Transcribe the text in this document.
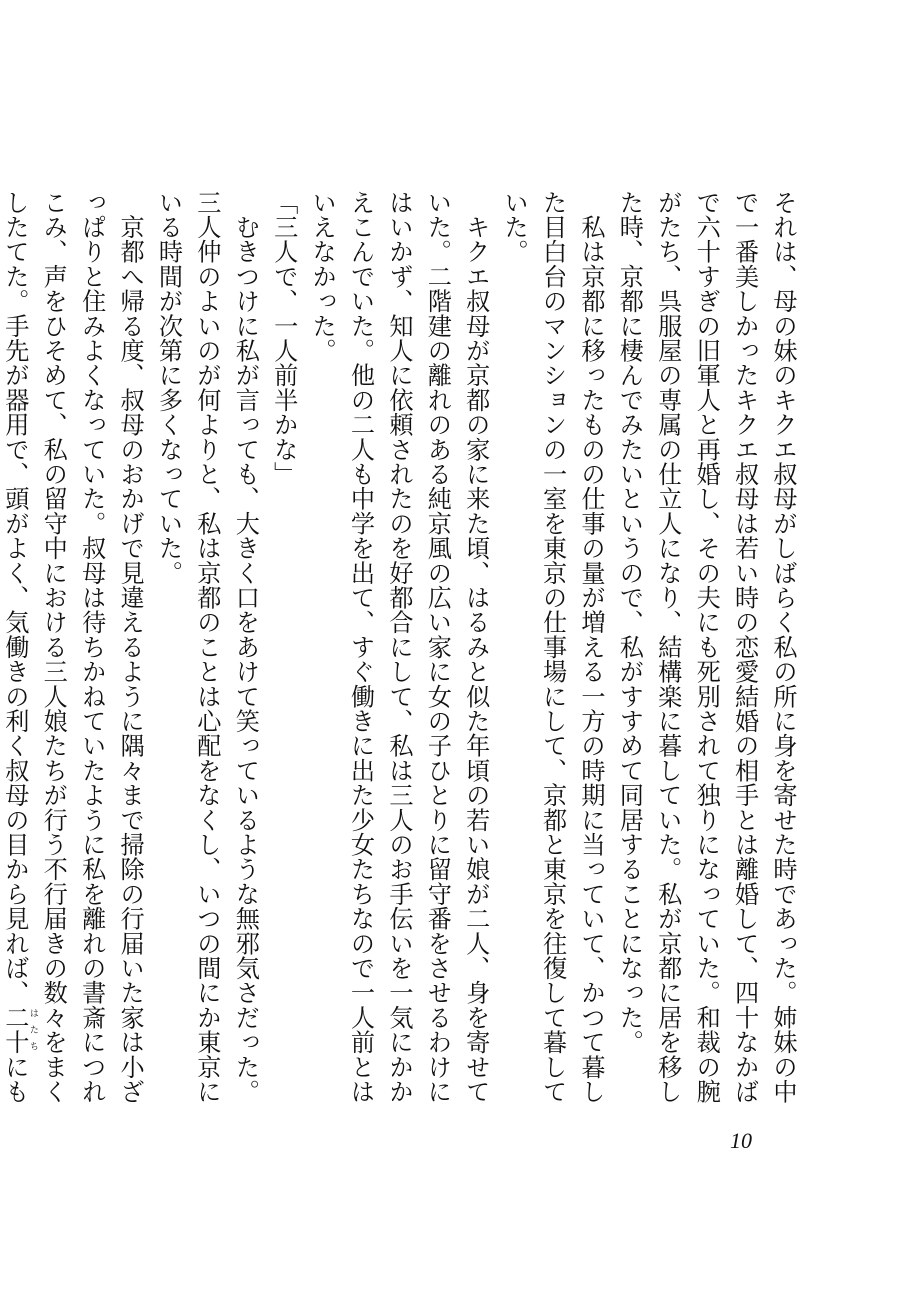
それは、母の妹のキクエ叔母がしばらく私の所に身を寄せた時であった。姉妹の中で一番美しかったキクエ叔母は若い時の恋愛結婚の相手とは離婚して、四十なかばで六十すぎの旧軍人と再婚し、その夫にも死別されて独りになっていた。和裁の腕がたち、呉服屋の専属の仕立人になり、結構楽に暮していた。私が京都に居を移した時、京都に棲んでみたいというので、私がすすめて同居することになった。

　私は京都に移ったものの仕事の量が増える一方の時期に当っていて、かつて暮した目白台のマンションの一室を東京の仕事場にして、京都と東京を往復して暮していた。

　キクエ叔母が京都の家に来た頃、はるみと似た年頃の若い娘が二人、身を寄せていた。二階建の離れのある純京風の広い家に女の子ひとりに留守番をさせるわけにはいかず、知人に依頼されたのを好都合にして、私は三人のお手伝いを一気にかかえこんでいた。他の二人も中学を出て、すぐ働きに出た少女たちなので一人前とはいえなかった。

「三人で、一人前半かな」

　むきつけに私が言っても、大きく口をあけて笑っているような無邪気さだった。三人仲のよいのが何よりと、私は京都のことは心配をなくし、いつの間にか東京にいる時間が次第に多くなっていた。

　京都へ帰る度、叔母のおかげで見違えるように隅々まで掃除の行届いた家は小ざっぱりと住みよくなっていた。叔母は待ちかねていたように私を離れの書斎につれこみ、声をひそめて、私の留守中における三人娘たちが行う不行届きの数々をまくしたてた。手先が器用で、頭がよく、気働きの利く叔母の目から見れば、二十 はたちにも

10
